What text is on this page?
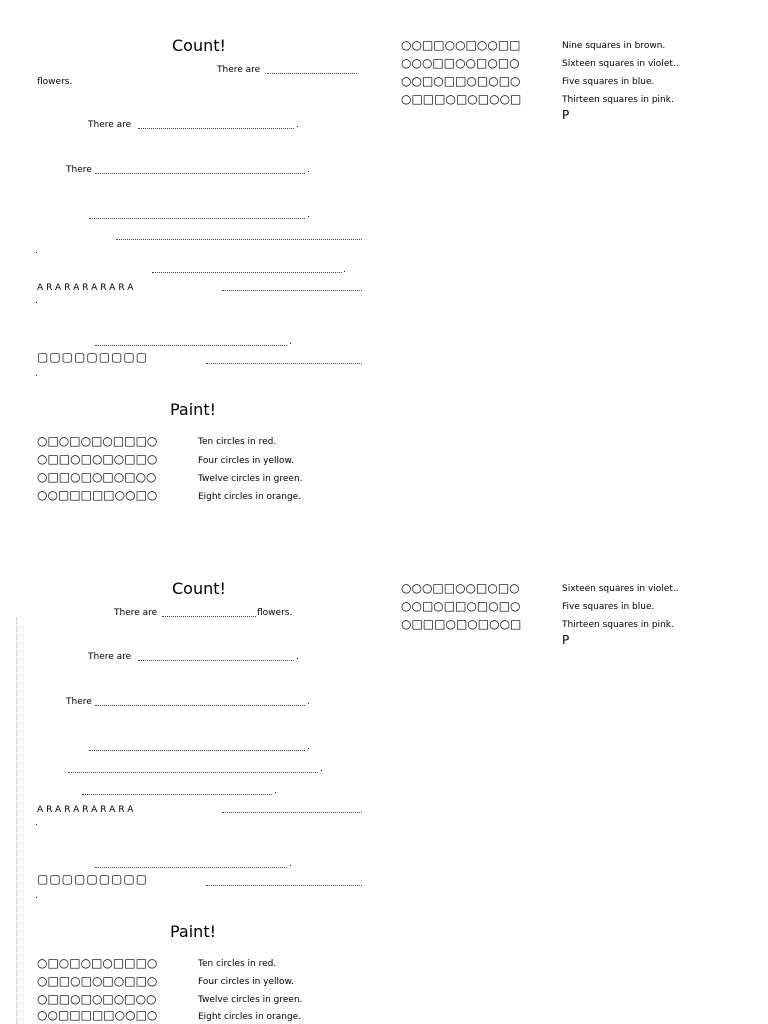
Count!
There are
flowers.
There are	.
There	.
.
.
.
ARARARARARA
.
.
▢▢▢▢▢▢▢▢▢
.
Paint!
○□○□○□○□□□○	Ten circles in red.
○□□○□○□○□□○	Four circles in yellow.
○□□○□○□○□○○	Twelve circles in green.
○○□□□□□○○□○	Eight circles in orange.
○○□□○○□○○□□	Nine squares in brown.
○○○□□○○□○□○	Sixteen squares in violet..
○○□○□□○□○□○	Five squares in blue.
○□□□○□○□○○□	Thirteen squares in pink.
P
Count!
There are	flowers.
There are	.
There	.
.
.
.
ARARARARARA
.
.
▢▢▢▢▢▢▢▢▢
.
Paint!
○□○□○□○□□□○	Ten circles in red.
○□□○□○□○□□○	Four circles in yellow.
○□□○□○□○□○○	Twelve circles in green.
○○□□□□□○○□○	Eight circles in orange.
○○○□□○○□○□○	Sixteen squares in violet..
○○□○□□○□○□○	Five squares in blue.
○□□□○□○□○○□	Thirteen squares in pink.
P
